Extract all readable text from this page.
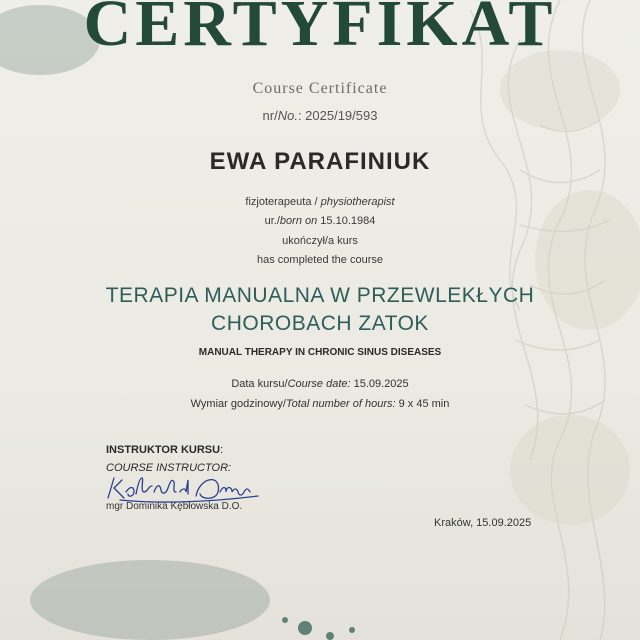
CERTYFIKAT
Course Certificate
nr/No.: 2025/19/593
EWA PARAFINIUK
fizjoterapeuta / physiotherapist
ur./born on 15.10.1984
ukończył/a kurs
has completed the course
TERAPIA MANUALNA W PRZEWLEKŁYCH
CHOROBACH ZATOK
MANUAL THERAPY IN CHRONIC SINUS DISEASES
Data kursu/Course date: 15.09.2025
Wymiar godzinowy/Total number of hours: 9 x 45 min
INSTRUKTOR KURSU:
COURSE INSTRUCTOR:
mgr Dominika Kębłowska D.O.
Kraków, 15.09.2025
